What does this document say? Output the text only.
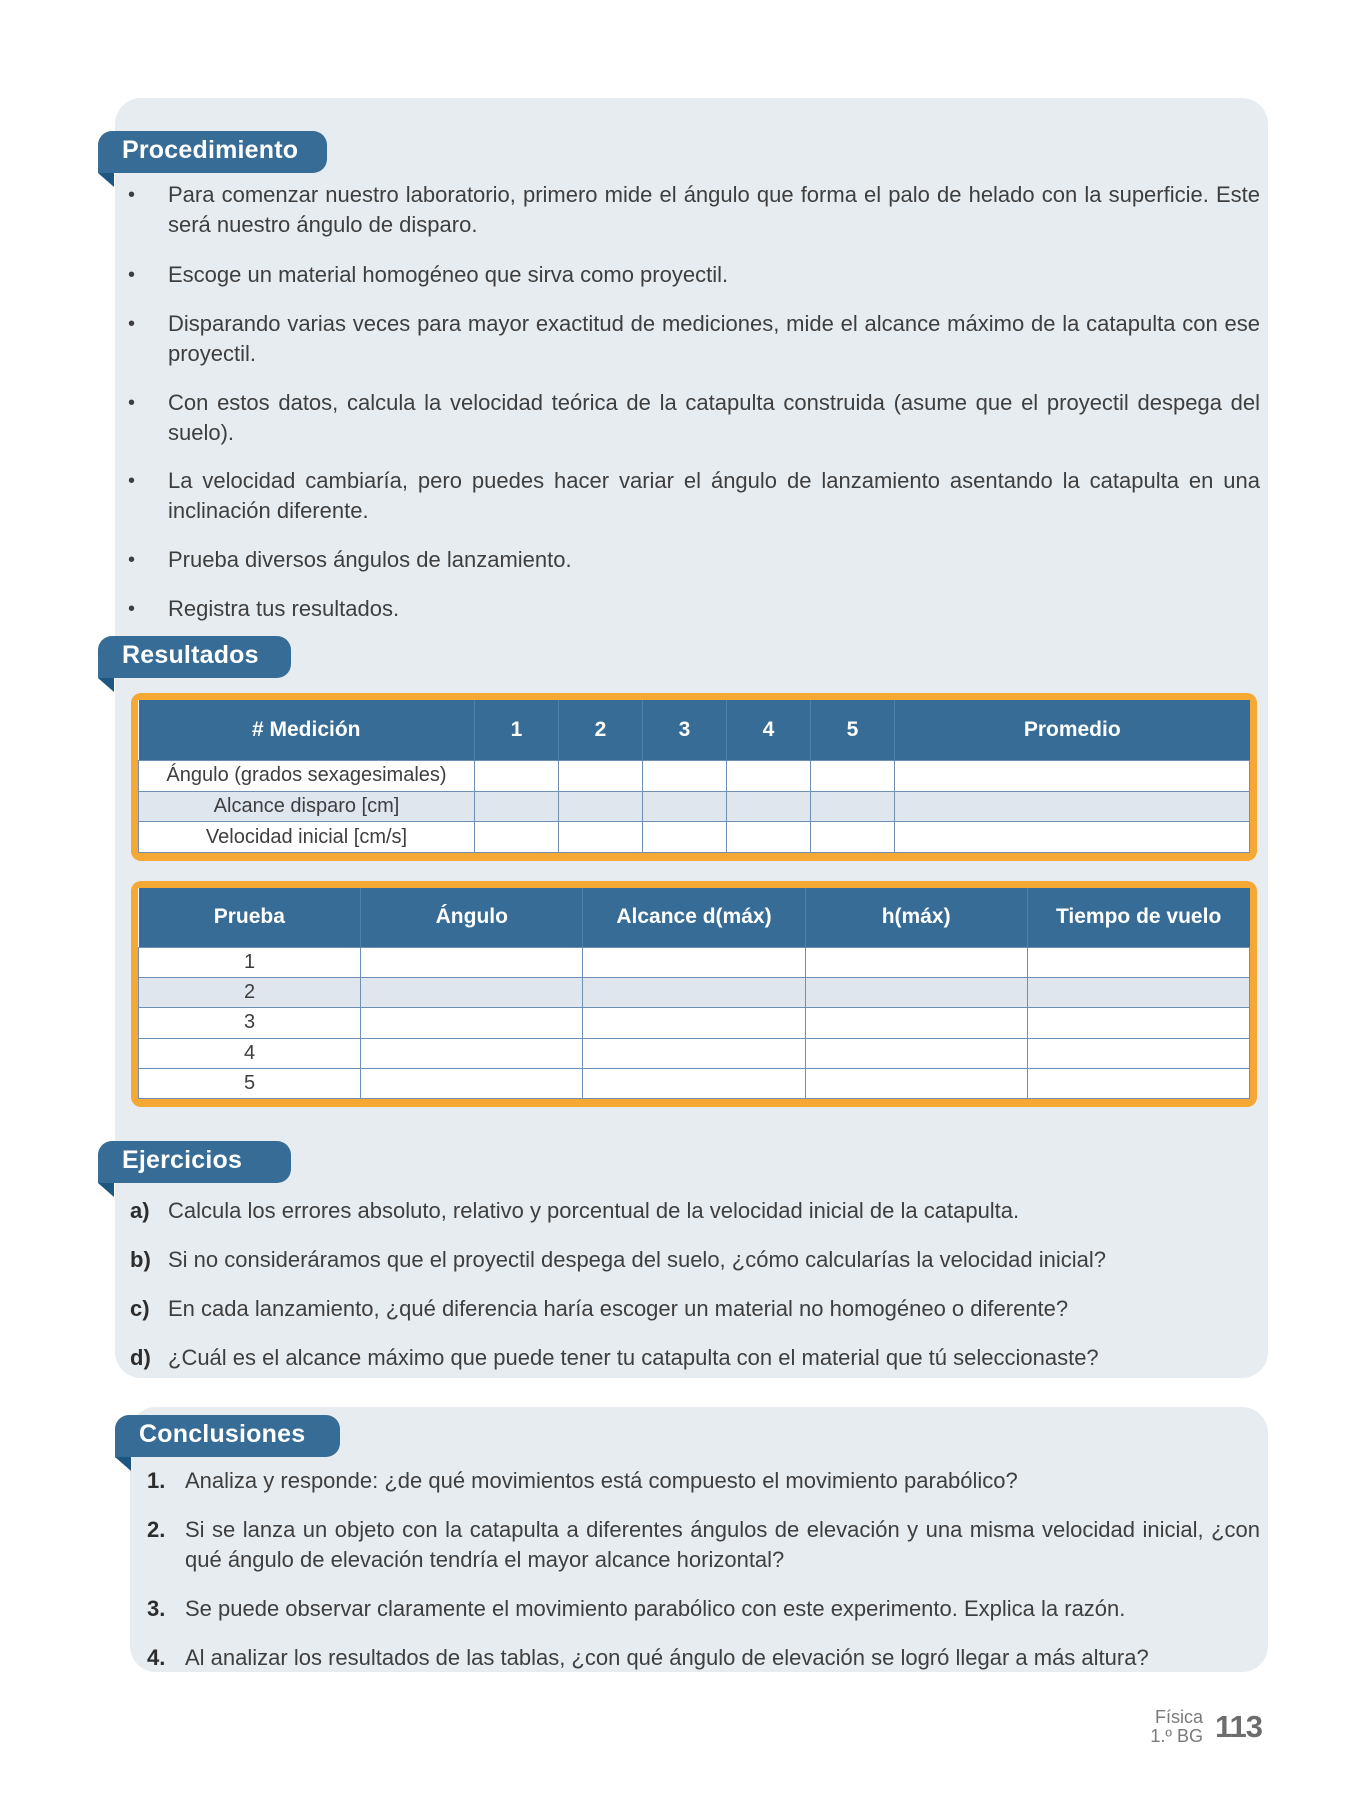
Procedimiento
•	Para comenzar nuestro laboratorio, primero mide el ángulo que forma el palo de helado con la superficie. Este será nuestro ángulo de disparo.
•	Escoge un material homogéneo que sirva como proyectil.
•	Disparando varias veces para mayor exactitud de mediciones, mide el alcance máximo de la catapulta con ese proyectil.
•	Con estos datos, calcula la velocidad teórica de la catapulta construida (asume que el proyectil despega del suelo).
•	La velocidad cambiaría, pero puedes hacer variar el ángulo de lanzamiento asentando la catapulta en una inclinación diferente.
•	Prueba diversos ángulos de lanzamiento.
•	Registra tus resultados.
Resultados
# Medición	1	2	3	4	5	Promedio
Ángulo (grados sexagesimales)						
Alcance disparo [cm]						
Velocidad inicial [cm/s]						
Prueba	Ángulo	Alcance d(máx)	h(máx)	Tiempo de vuelo
1				
2				
3				
4				
5				
Ejercicios
a) Calcula los errores absoluto, relativo y porcentual de la velocidad inicial de la catapulta.
b) Si no consideráramos que el proyectil despega del suelo, ¿cómo calcularías la velocidad inicial?
c) En cada lanzamiento, ¿qué diferencia haría escoger un material no homogéneo o diferente?
d) ¿Cuál es el alcance máximo que puede tener tu catapulta con el material que tú seleccionaste?
Conclusiones
1. Analiza y responde: ¿de qué movimientos está compuesto el movimiento parabólico?
2. Si se lanza un objeto con la catapulta a diferentes ángulos de elevación y una misma velocidad inicial, ¿con qué ángulo de elevación tendría el mayor alcance horizontal?
3. Se puede observar claramente el movimiento parabólico con este experimento. Explica la razón.
4. Al analizar los resultados de las tablas, ¿con qué ángulo de elevación se logró llegar a más altura?
Física
1.º BG 113
